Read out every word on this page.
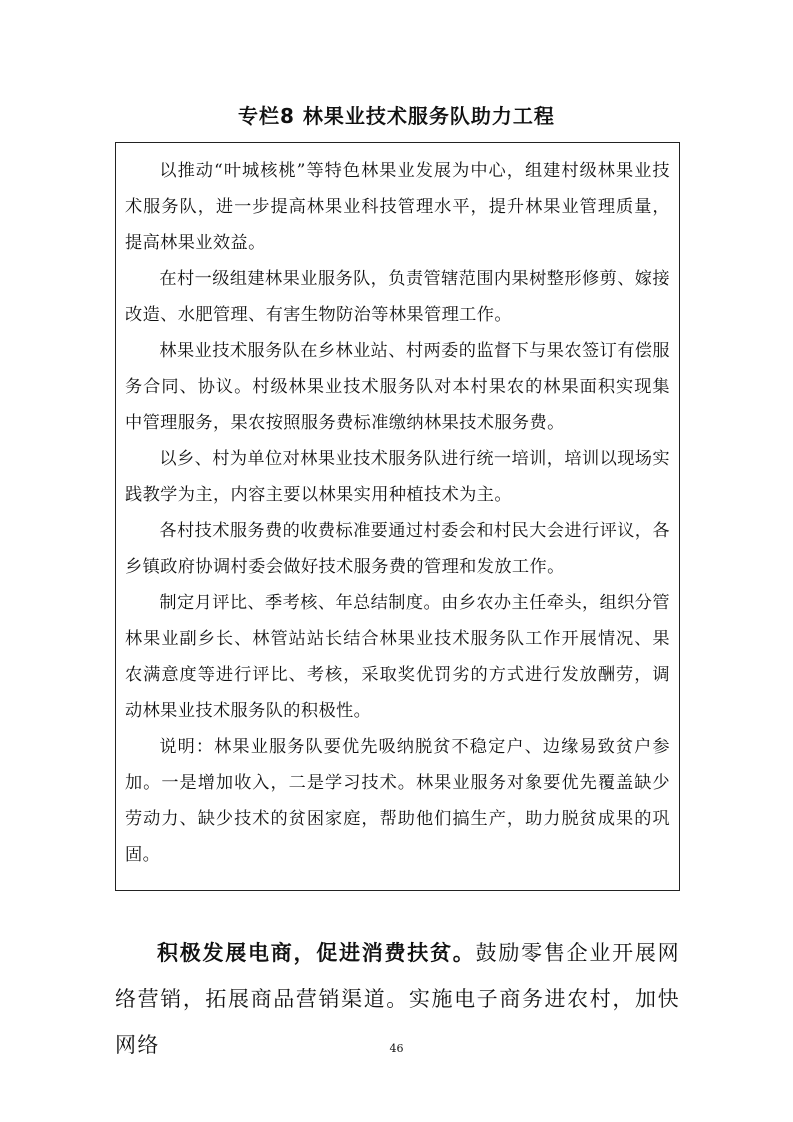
专栏8 林果业技术服务队助力工程

以推动“叶城核桃”等特色林果业发展为中心，组建村级林果业技术服务队，进一步提高林果业科技管理水平，提升林果业管理质量，提高林果业效益。

在村一级组建林果业服务队，负责管辖范围内果树整形修剪、嫁接改造、水肥管理、有害生物防治等林果管理工作。

林果业技术服务队在乡林业站、村两委的监督下与果农签订有偿服务合同、协议。村级林果业技术服务队对本村果农的林果面积实现集中管理服务，果农按照服务费标准缴纳林果技术服务费。

以乡、村为单位对林果业技术服务队进行统一培训，培训以现场实践教学为主，内容主要以林果实用种植技术为主。

各村技术服务费的收费标准要通过村委会和村民大会进行评议，各乡镇政府协调村委会做好技术服务费的管理和发放工作。

制定月评比、季考核、年总结制度。由乡农办主任牵头，组织分管林果业副乡长、林管站站长结合林果业技术服务队工作开展情况、果农满意度等进行评比、考核，采取奖优罚劣的方式进行发放酬劳，调动林果业技术服务队的积极性。

说明：林果业服务队要优先吸纳脱贫不稳定户、边缘易致贫户参加。一是增加收入，二是学习技术。林果业服务对象要优先覆盖缺少劳动力、缺少技术的贫困家庭，帮助他们搞生产，助力脱贫成果的巩固。

积极发展电商，促进消费扶贫。鼓励零售企业开展网络营销，拓展商品营销渠道。实施电子商务进农村，加快网络	46
